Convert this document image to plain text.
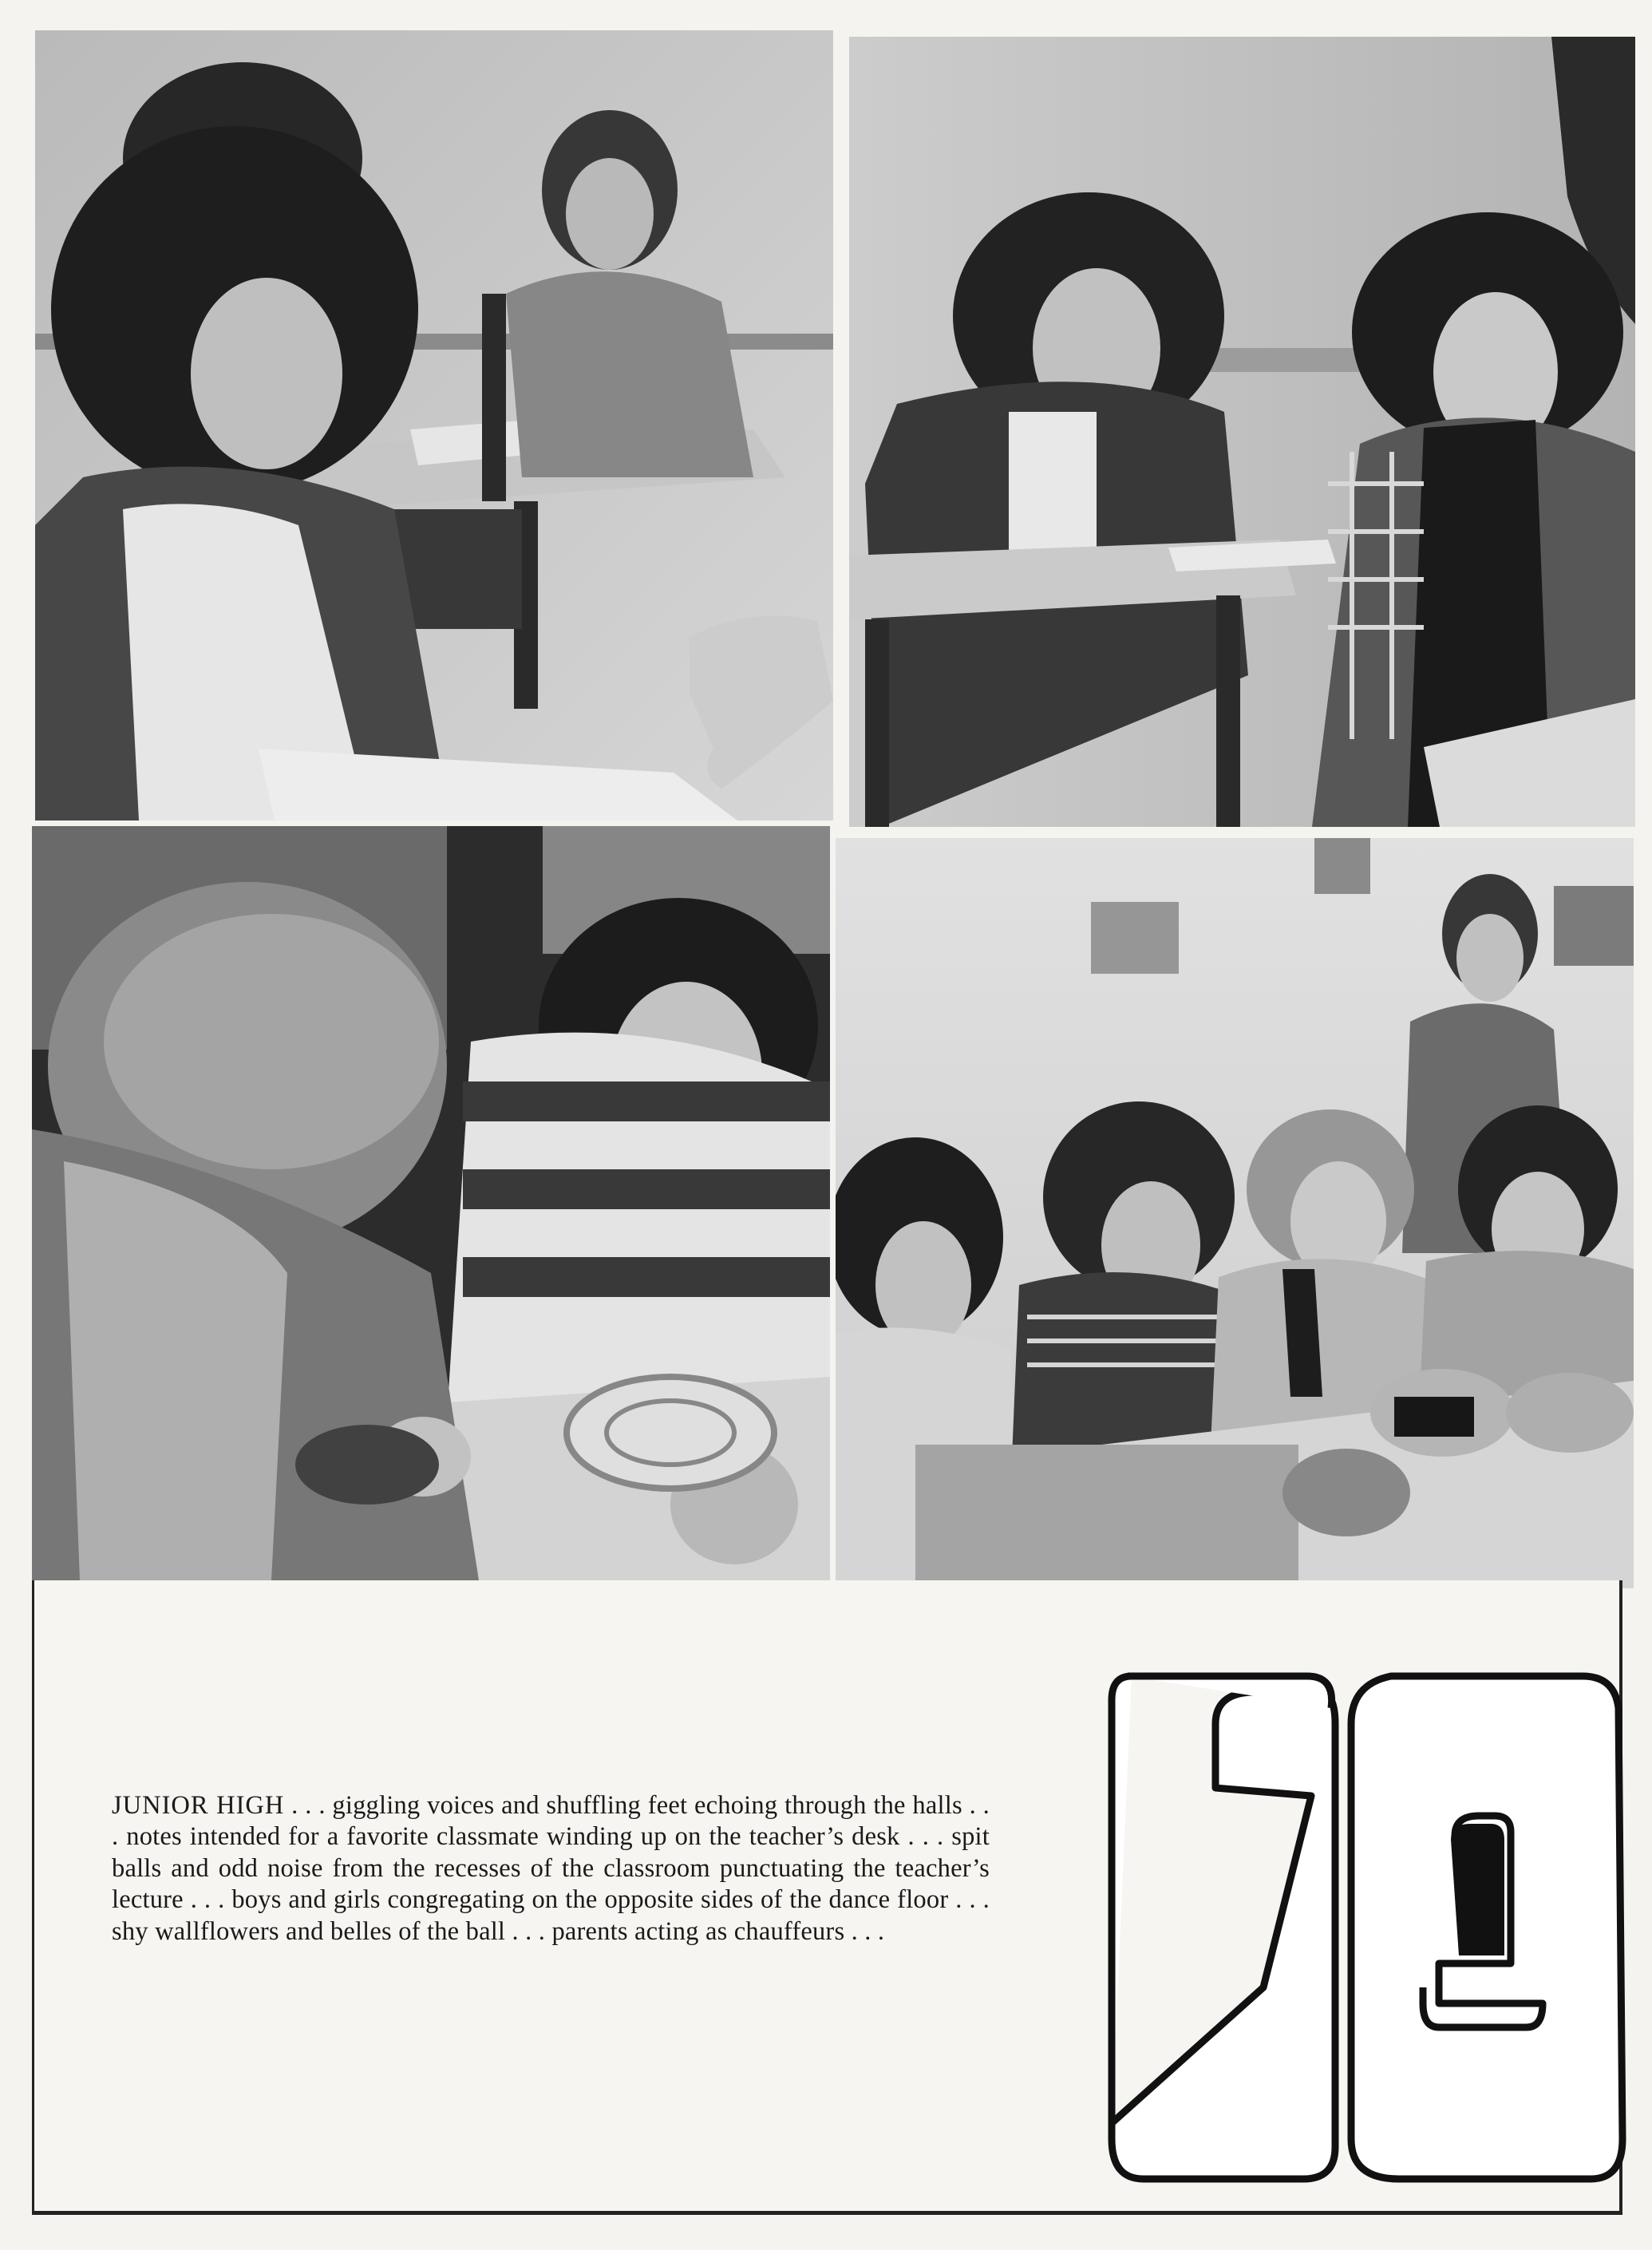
JUNIOR HIGH . . . giggling voices and shuffling feet echoing through the halls . . . notes intended for a favorite classmate winding up on the teacher’s desk . . . spit balls and odd noise from the recesses of the classroom punctuating the teacher’s lecture . . . boys and girls congregating on the opposite sides of the dance floor . . . shy wallflowers and belles of the ball . . . parents acting as chauffeurs . . .
